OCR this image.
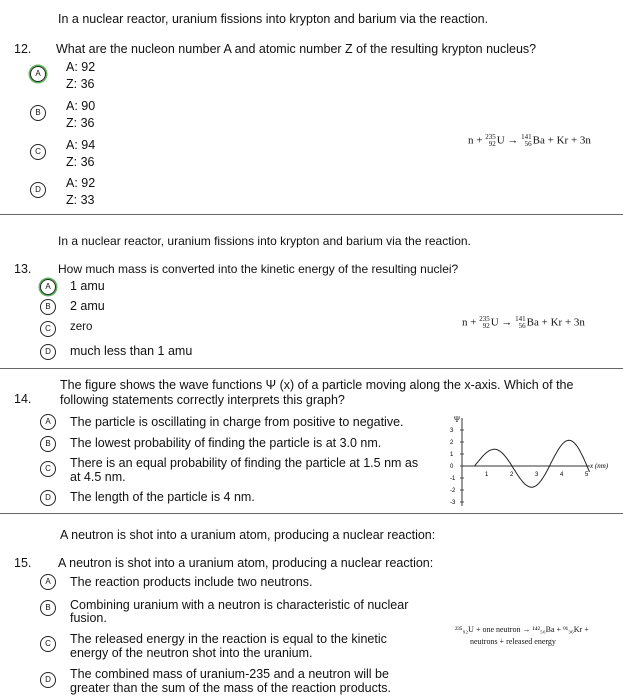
In a nuclear reactor, uranium fissions into krypton and barium via the reaction.
12. What are the nucleon number A and atomic number Z of the resulting krypton nucleus?
A	A: 92
Z: 36
B	A: 90
Z: 36
C	A: 94
Z: 36
D	A: 92
Z: 33
n + 235
92U → 141
56Ba + Kr + 3n
In a nuclear reactor, uranium fissions into krypton and barium via the reaction.
13. How much mass is converted into the kinetic energy of the resulting nuclei?
A	1 amu
B	2 amu
C	zero
D	much less than 1 amu
n + 235
92U → 141
56Ba + Kr + 3n
14.
The figure shows the wave functions Ψ (x) of a particle moving along the x-axis. Which of the
following statements correctly interprets this graph?
A	The particle is oscillating in charge from positive to negative.
B	The lowest probability of finding the particle is at 3.0 nm.
C	There is an equal probability of finding the particle at 1.5 nm as
at 4.5 nm.
D	The length of the particle is 4 nm.
Ψ
x (nm)
3
2
1
0
-1
-2
-3
1	2	3	4	5
A neutron is shot into a uranium atom, producing a nuclear reaction:
15. A neutron is shot into a uranium atom, producing a nuclear reaction:
A	The reaction products include two neutrons.
B	Combining uranium with a neutron is characteristic of nuclear
fusion.
C	The released energy in the reaction is equal to the kinetic
energy of the neutron shot into the uranium.
D	The combined mass of uranium-235 and a neutron will be
greater than the sum of the mass of the reaction products.
²³⁵₉₂U + one neutron → ¹⁴²₅₆Ba + ⁹¹₃₆Kr +
neutrons + released energy
